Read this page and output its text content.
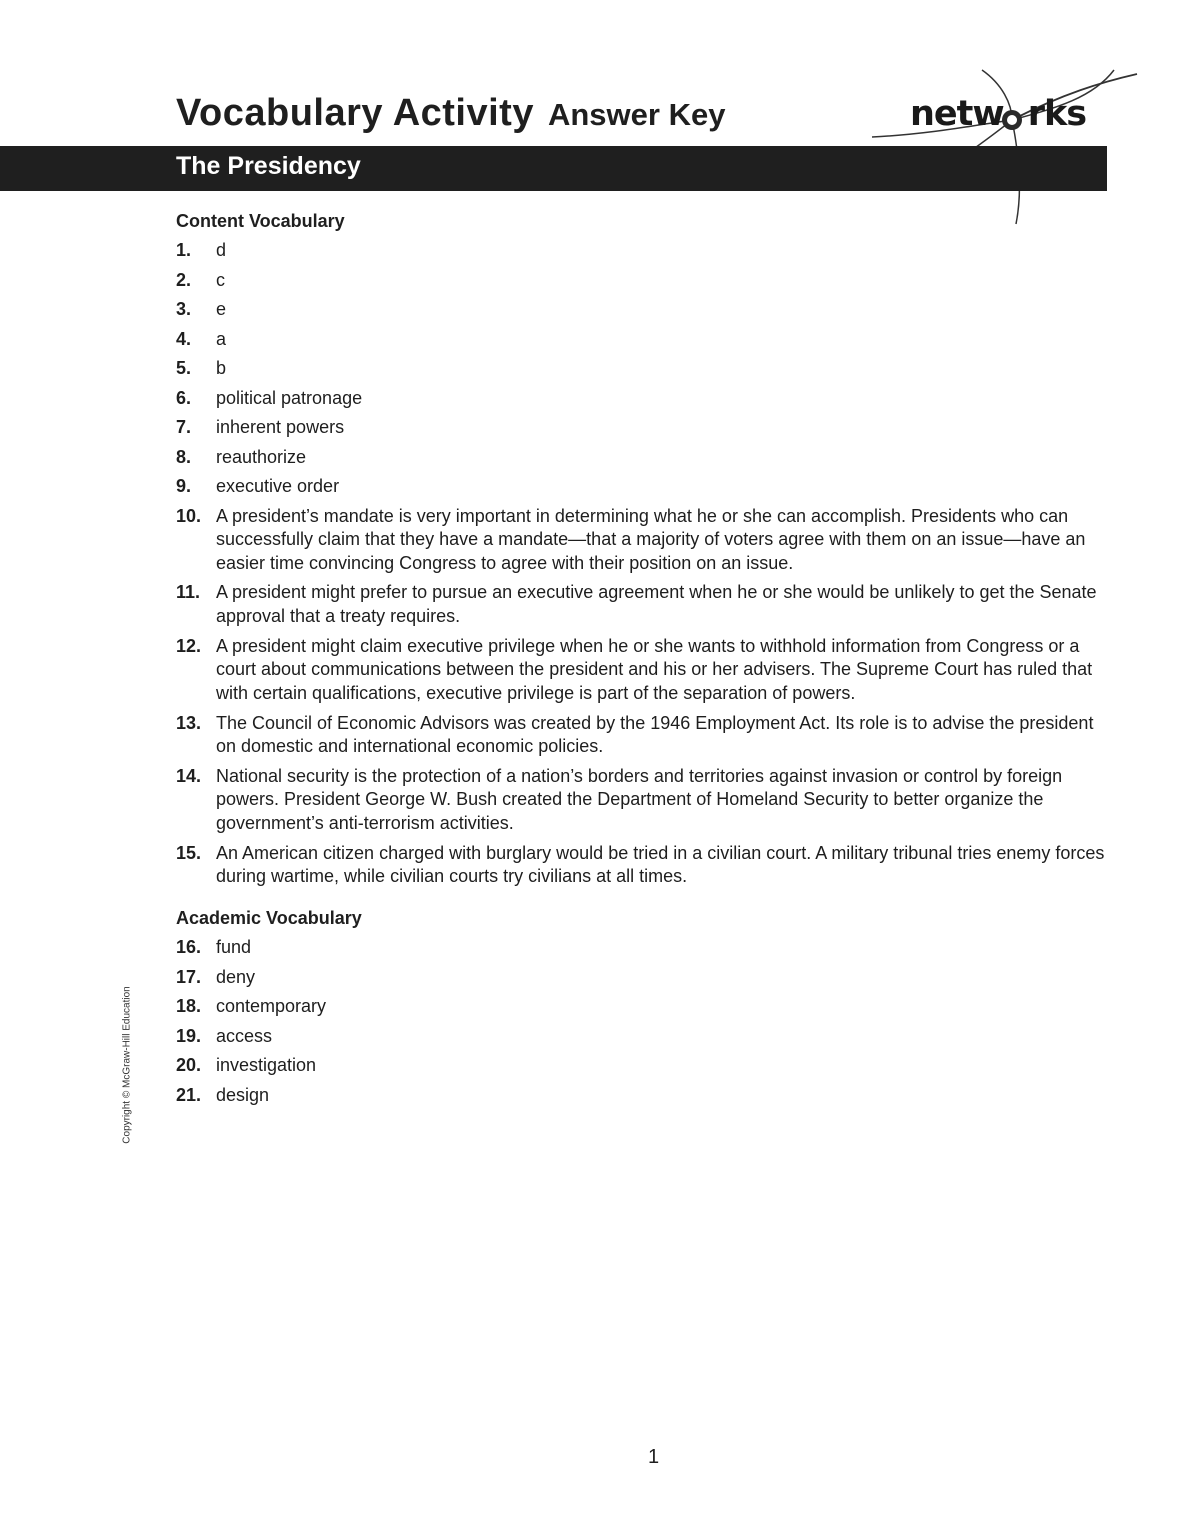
Vocabulary Activity Answer Key	netw rks
The Presidency
Content Vocabulary
1.	d
2.	c
3.	e
4.	a
5.	b
6.	political patronage
7.	inherent powers
8.	reauthorize
9.	executive order
10. A president’s mandate is very important in determining what he or she can accomplish. Presidents who can successfully claim that they have a mandate—that a majority of voters agree with them on an issue—have an easier time convincing Congress to agree with their position on an issue.
11. A president might prefer to pursue an executive agreement when he or she would be unlikely to get the Senate approval that a treaty requires.
12. A president might claim executive privilege when he or she wants to withhold information from Congress or a court about communications between the president and his or her advisers. The Supreme Court has ruled that with certain qualifications, executive privilege is part of the separation of powers.
13. The Council of Economic Advisors was created by the 1946 Employment Act. Its role is to advise the president on domestic and international economic policies.
14. National security is the protection of a nation’s borders and territories against invasion or control by foreign powers. President George W. Bush created the Department of Homeland Security to better organize the government’s anti-terrorism activities.
15. An American citizen charged with burglary would be tried in a civilian court. A military tribunal tries enemy forces during wartime, while civilian courts try civilians at all times.
Academic Vocabulary
16. fund
17. deny
18. contemporary
19. access
20. investigation
21. design
Copyright © McGraw-Hill Education
1
